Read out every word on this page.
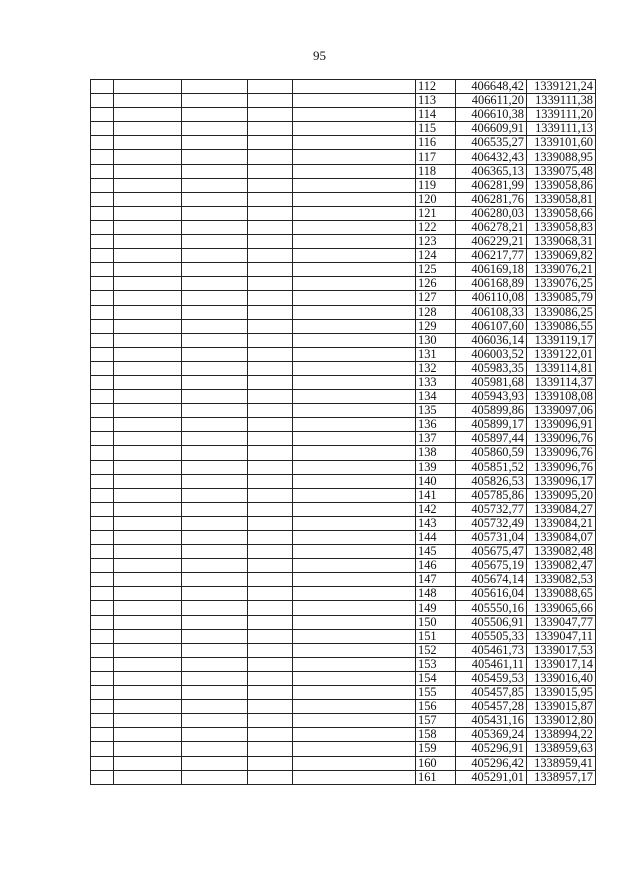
95
					112	406648,42	1339121,24
					113	406611,20	1339111,38
					114	406610,38	1339111,20
					115	406609,91	1339111,13
					116	406535,27	1339101,60
					117	406432,43	1339088,95
					118	406365,13	1339075,48
					119	406281,99	1339058,86
					120	406281,76	1339058,81
					121	406280,03	1339058,66
					122	406278,21	1339058,83
					123	406229,21	1339068,31
					124	406217,77	1339069,82
					125	406169,18	1339076,21
					126	406168,89	1339076,25
					127	406110,08	1339085,79
					128	406108,33	1339086,25
					129	406107,60	1339086,55
					130	406036,14	1339119,17
					131	406003,52	1339122,01
					132	405983,35	1339114,81
					133	405981,68	1339114,37
					134	405943,93	1339108,08
					135	405899,86	1339097,06
					136	405899,17	1339096,91
					137	405897,44	1339096,76
					138	405860,59	1339096,76
					139	405851,52	1339096,76
					140	405826,53	1339096,17
					141	405785,86	1339095,20
					142	405732,77	1339084,27
					143	405732,49	1339084,21
					144	405731,04	1339084,07
					145	405675,47	1339082,48
					146	405675,19	1339082,47
					147	405674,14	1339082,53
					148	405616,04	1339088,65
					149	405550,16	1339065,66
					150	405506,91	1339047,77
					151	405505,33	1339047,11
					152	405461,73	1339017,53
					153	405461,11	1339017,14
					154	405459,53	1339016,40
					155	405457,85	1339015,95
					156	405457,28	1339015,87
					157	405431,16	1339012,80
					158	405369,24	1338994,22
					159	405296,91	1338959,63
					160	405296,42	1338959,41
					161	405291,01	1338957,17
